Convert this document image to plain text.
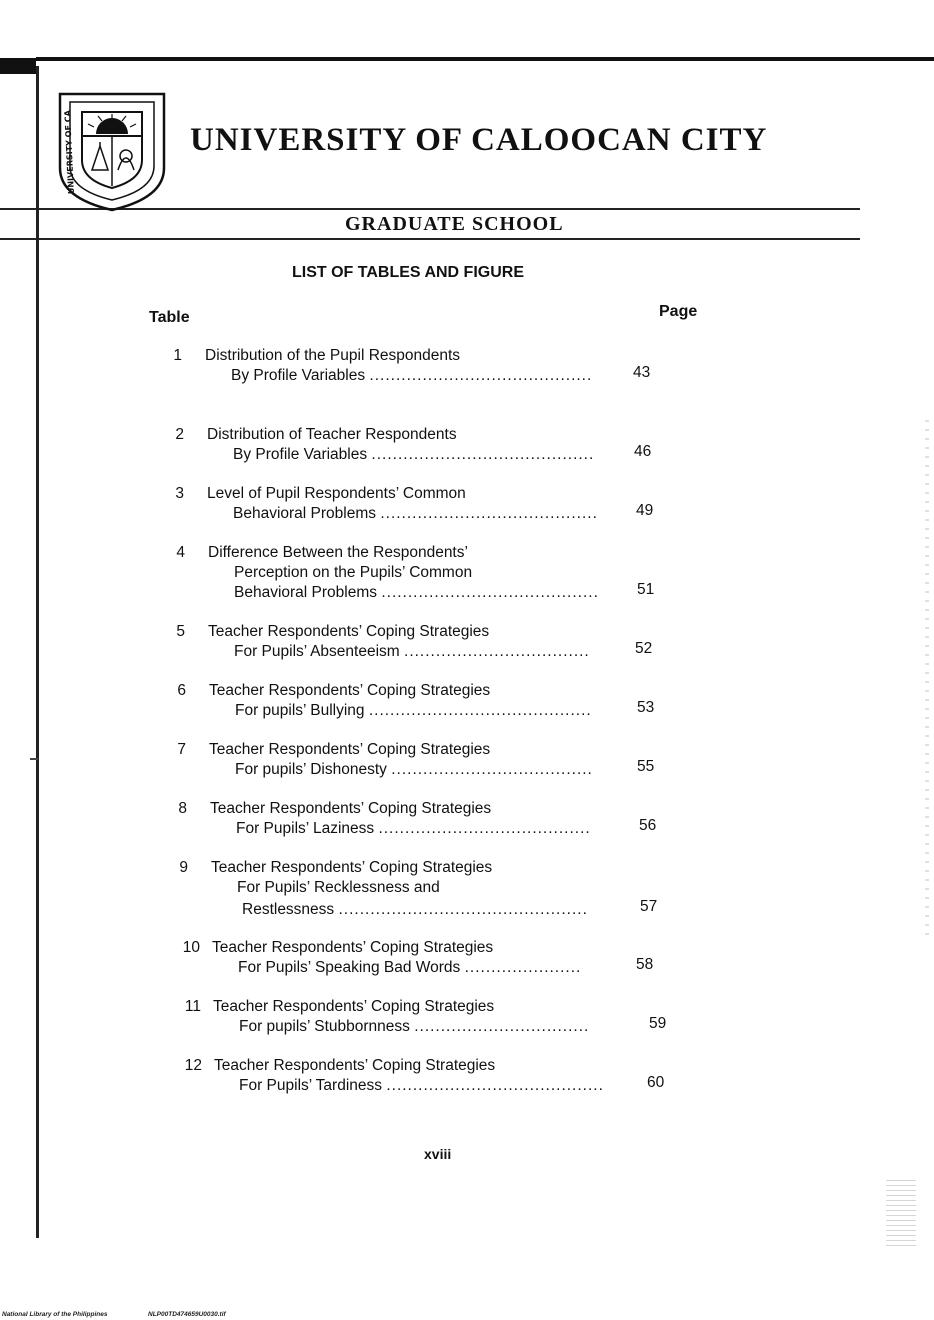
UNIVERSITY OF CA
UNIVERSITY OF CALOOCAN CITY
GRADUATE SCHOOL
LIST OF TABLES AND FIGURE
Table	Page
1 Distribution of the Pupil Respondents
By Profile Variables ..........................................	43
2 Distribution of Teacher Respondents
By Profile Variables ..........................................	46
3 Level of Pupil Respondents’ Common
Behavioral Problems ......................................... 49
4 Difference Between the Respondents’
Perception on the Pupils’ Common
Behavioral Problems ......................................... 51
5 Teacher Respondents’ Coping Strategies
For Pupils’ Absenteeism ...................................	52
6 Teacher Respondents’ Coping Strategies
For pupils’ Bullying ..........................................	53
7 Teacher Respondents’ Coping Strategies
For pupils’ Dishonesty ......................................	55
8 Teacher Respondents’ Coping Strategies
For Pupils’ Laziness ........................................	56
9 Teacher Respondents’ Coping Strategies
For Pupils’ Recklessness and
Restlessness ...............................................	57
10 Teacher Respondents’ Coping Strategies
For Pupils’ Speaking Bad Words ......................	58
11 Teacher Respondents’ Coping Strategies
For pupils’ Stubbornness .................................	59
12 Teacher Respondents’ Coping Strategies
For Pupils’ Tardiness .........................................	60
xviii
National Library of the Philippines	NLP00TD474659U0030.tif
